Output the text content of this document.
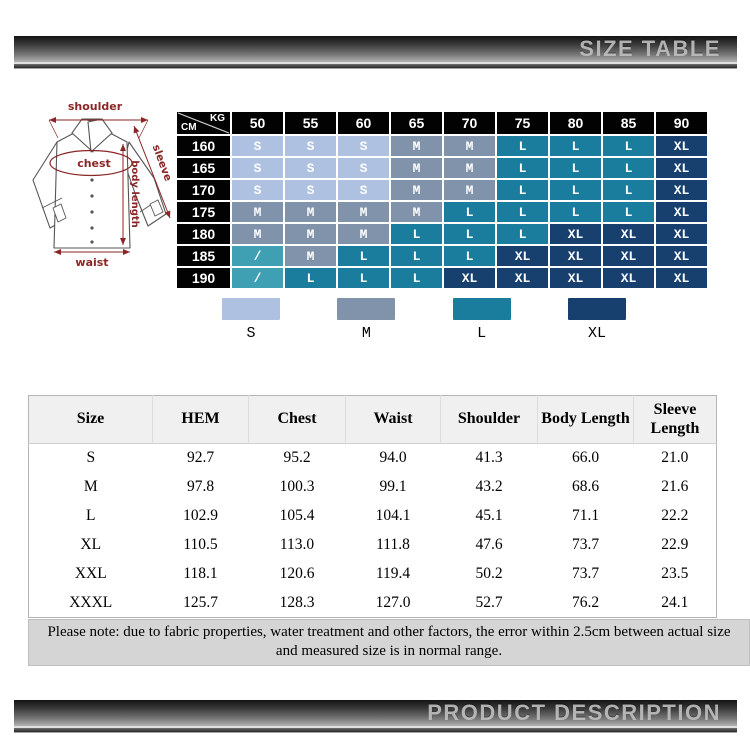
SIZE TABLE
shoulder
chest	sleeve
body length
waist
KG
CM	50	55	60	65	70	75	80	85	90
160	S	S	S	M	M	L	L	L	XL
165	S	S	S	M	M	L	L	L	XL
170	S	S	S	M	M	L	L	L	XL
175	M	M	M	M	L	L	L	L	XL
180	M	M	M	L	L	L	XL	XL	XL
185	/	M	L	L	L	XL	XL	XL	XL
190	/	L	L	L	XL	XL	XL	XL	XL
S	M	L	XL
Size	HEM	Chest	Waist	Shoulder	Body Length	Sleeve Length
S	92.7	95.2	94.0	41.3	66.0	21.0
M	97.8	100.3	99.1	43.2	68.6	21.6
L	102.9	105.4	104.1	45.1	71.1	22.2
XL	110.5	113.0	111.8	47.6	73.7	22.9
XXL	118.1	120.6	119.4	50.2	73.7	23.5
XXXL	125.7	128.3	127.0	52.7	76.2	24.1
Please note: due to fabric properties, water treatment and other factors, the error within 2.5cm between actual size
and measured size is in normal range.
PRODUCT DESCRIPTION
